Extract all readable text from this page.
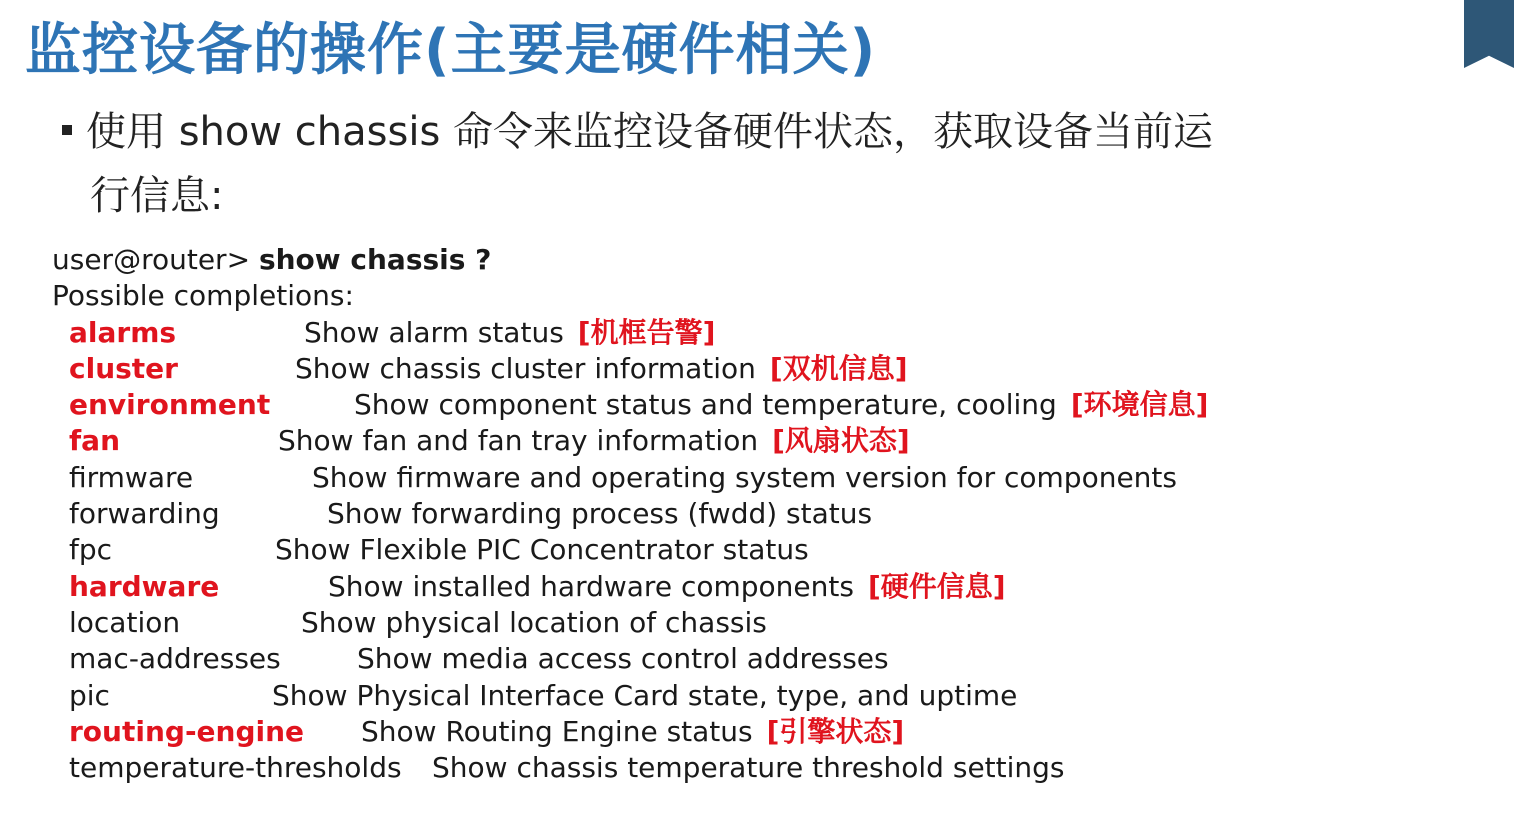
监控设备的操作(主要是硬件相关)
使用 show chassis 命令来监控设备硬件状态，获取设备当前运
行信息:
user@router> show chassis ?
Possible completions:
alarms	Show alarm status [机框告警]
cluster	Show chassis cluster information [双机信息]
environment	Show component status and temperature, cooling [环境信息]
fan	Show fan and fan tray information [风扇状态]
firmware	Show firmware and operating system version for components
forwarding	Show forwarding process (fwdd) status
fpc	Show Flexible PIC Concentrator status
hardware	Show installed hardware components [硬件信息]
location	Show physical location of chassis
mac-addresses	Show media access control addresses
pic	Show Physical Interface Card state, type, and uptime
routing-engine Show Routing Engine status [引擎状态]
temperature-thresholds Show chassis temperature threshold settings
